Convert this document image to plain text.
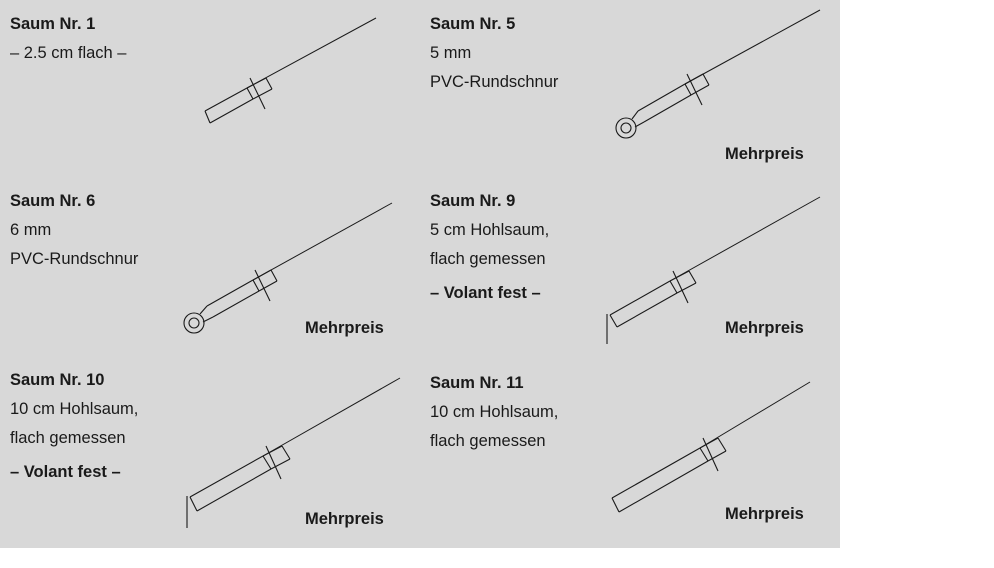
Saum Nr. 1
– 2.5 cm flach –
Saum Nr. 5
5 mm
PVC-Rundschnur
Mehrpreis
Saum Nr. 6
6 mm
PVC-Rundschnur
Mehrpreis
Saum Nr. 9
5 cm Hohlsaum,
flach gemessen
– Volant fest –
Mehrpreis
Saum Nr. 10
10 cm Hohlsaum,
flach gemessen
– Volant fest –
Mehrpreis
Saum Nr. 11
10 cm Hohlsaum,
flach gemessen
Mehrpreis
